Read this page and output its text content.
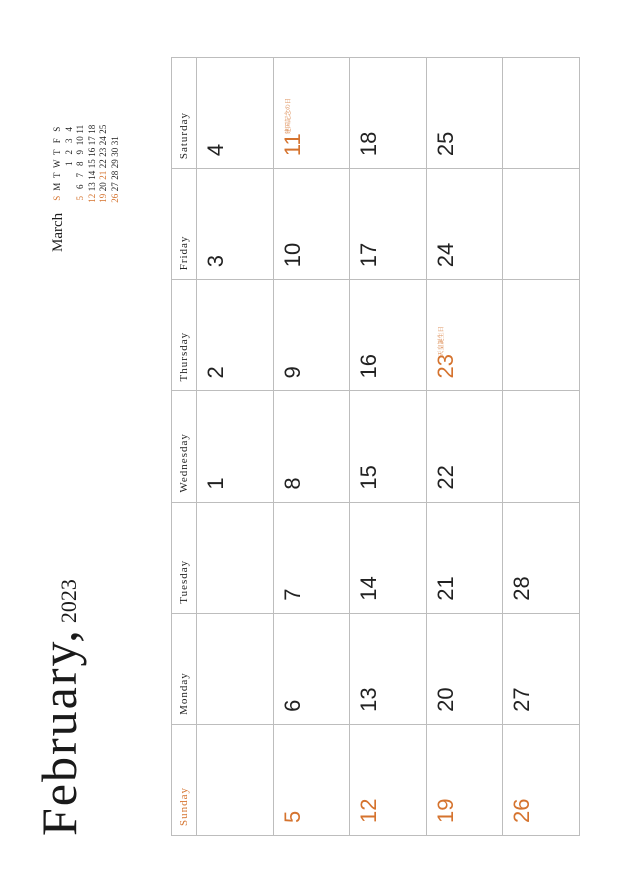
February, 2023
March
S
M
T
W
T
F
S
1
2
3
4
5
6
7
8
9
10
11
12
13
14
15
16
17
18
19
20
21
22
23
24
25
26
27
28
29
30
31
Sunday
Monday
Tuesday
Wednesday
Thursday
Friday
Saturday
1
2
3
4
5
6
7
8
9
10
11
建国記念の日
12
13
14
15
16
17
18
19
20
21
22
23
天皇誕生日
24
25
26
27
28
